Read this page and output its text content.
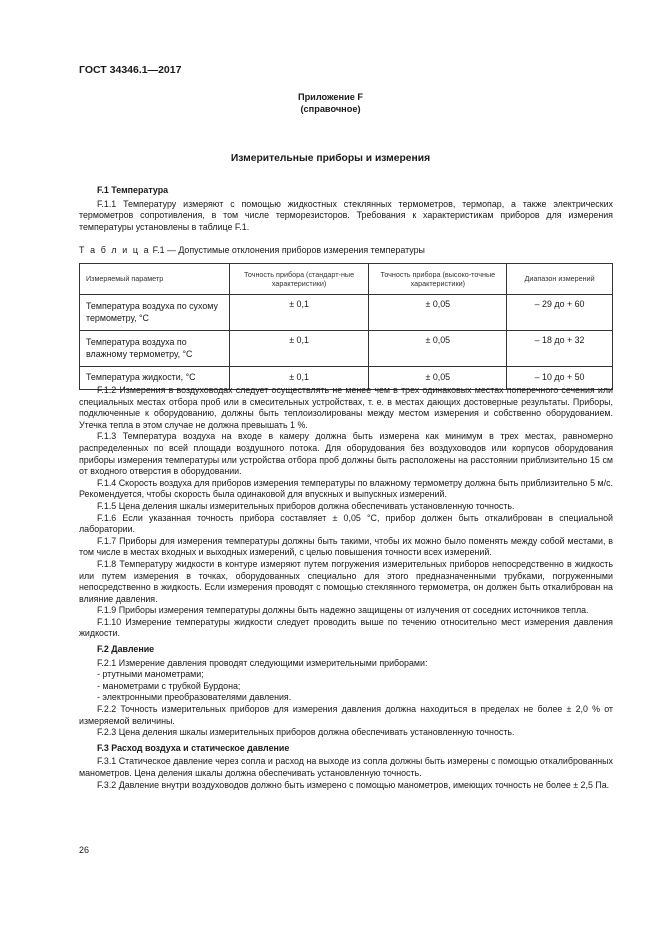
ГОСТ 34346.1—2017
Приложение F
(справочное)
Измерительные приборы и измерения

F.1 Температура

F.1.1 Температуру измеряют с помощью жидкостных стеклянных термометров, термопар, а также электрических термометров сопротивления, в том числе терморезисторов. Требования к характеристикам приборов для измерения температуры установлены в таблице F.1.

Т а б л и ц а F.1 — Допустимые отклонения приборов измерения температуры
Измеряемый параметр	Точность прибора (стандарт-ные характеристики)	Точность прибора (высоко-точные характеристики)	Диапазон измерений
Температура воздуха по сухому термометру, °C	± 0,1	± 0,05	– 29 до + 60
Температура воздуха по влажному термометру, °C	± 0,1	± 0,05	– 18 до + 32
Температура жидкости, °C	± 0,1	± 0,05	– 10 до + 50

F.1.2 Измерения в воздуховодах следует осуществлять не менее чем в трех одинаковых местах поперечного сечения или специальных местах отбора проб или в смесительных устройствах, т. е. в местах дающих достоверные результаты. Приборы, подключенные к оборудованию, должны быть теплоизолированы между местом измерения и собственно оборудованием. Утечка тепла в этом случае не должна превышать 1 %.

F.1.3 Температура воздуха на входе в камеру должна быть измерена как минимум в трех местах, равномерно распределенных по всей площади воздушного потока. Для оборудования без воздуховодов или корпусов оборудования приборы измерения температуры или устройства отбора проб должны быть расположены на расстоянии приблизительно 15 см от входного отверстия в оборудовании.

F.1.4 Скорость воздуха для приборов измерения температуры по влажному термометру должна быть приблизительно 5 м/с. Рекомендуется, чтобы скорость была одинаковой для впускных и выпускных измерений.

F.1.5 Цена деления шкалы измерительных приборов должна обеспечивать установленную точность.

F.1.6 Если указанная точность прибора составляет ± 0,05 °C, прибор должен быть откалиброван в специальной лаборатории.

F.1.7 Приборы для измерения температуры должны быть такими, чтобы их можно было поменять между собой местами, в том числе в местах входных и выходных измерений, с целью повышения точности всех измерений.

F.1.8 Температуру жидкости в контуре измеряют путем погружения измерительных приборов непосредственно в жидкость или путем измерения в точках, оборудованных специально для этого предназначенными трубками, погруженными непосредственно в жидкость. Если измерения проводят с помощью стеклянного термометра, он должен быть откалиброван на влияние давления.

F.1.9 Приборы измерения температуры должны быть надежно защищены от излучения от соседних источников тепла.

F.1.10 Измерение температуры жидкости следует проводить выше по течению относительно мест измерения давления жидкости.

F.2 Давление

F.2.1 Измерение давления проводят следующими измерительными приборами:

- ртутными манометрами;
- манометрами с трубкой Бурдона;
- электронными преобразователями давления.

F.2.2 Точность измерительных приборов для измерения давления должна находиться в пределах не более ± 2,0 % от измеряемой величины.

F.2.3 Цена деления шкалы измерительных приборов должна обеспечивать установленную точность.

F.3 Расход воздуха и статическое давление

F.3.1 Статическое давление через сопла и расход на выходе из сопла должны быть измерены с помощью откалиброванных манометров. Цена деления шкалы должна обеспечивать установленную точность.

F.3.2 Давление внутри воздуховодов должно быть измерено с помощью манометров, имеющих точность не более ± 2,5 Па.

26
